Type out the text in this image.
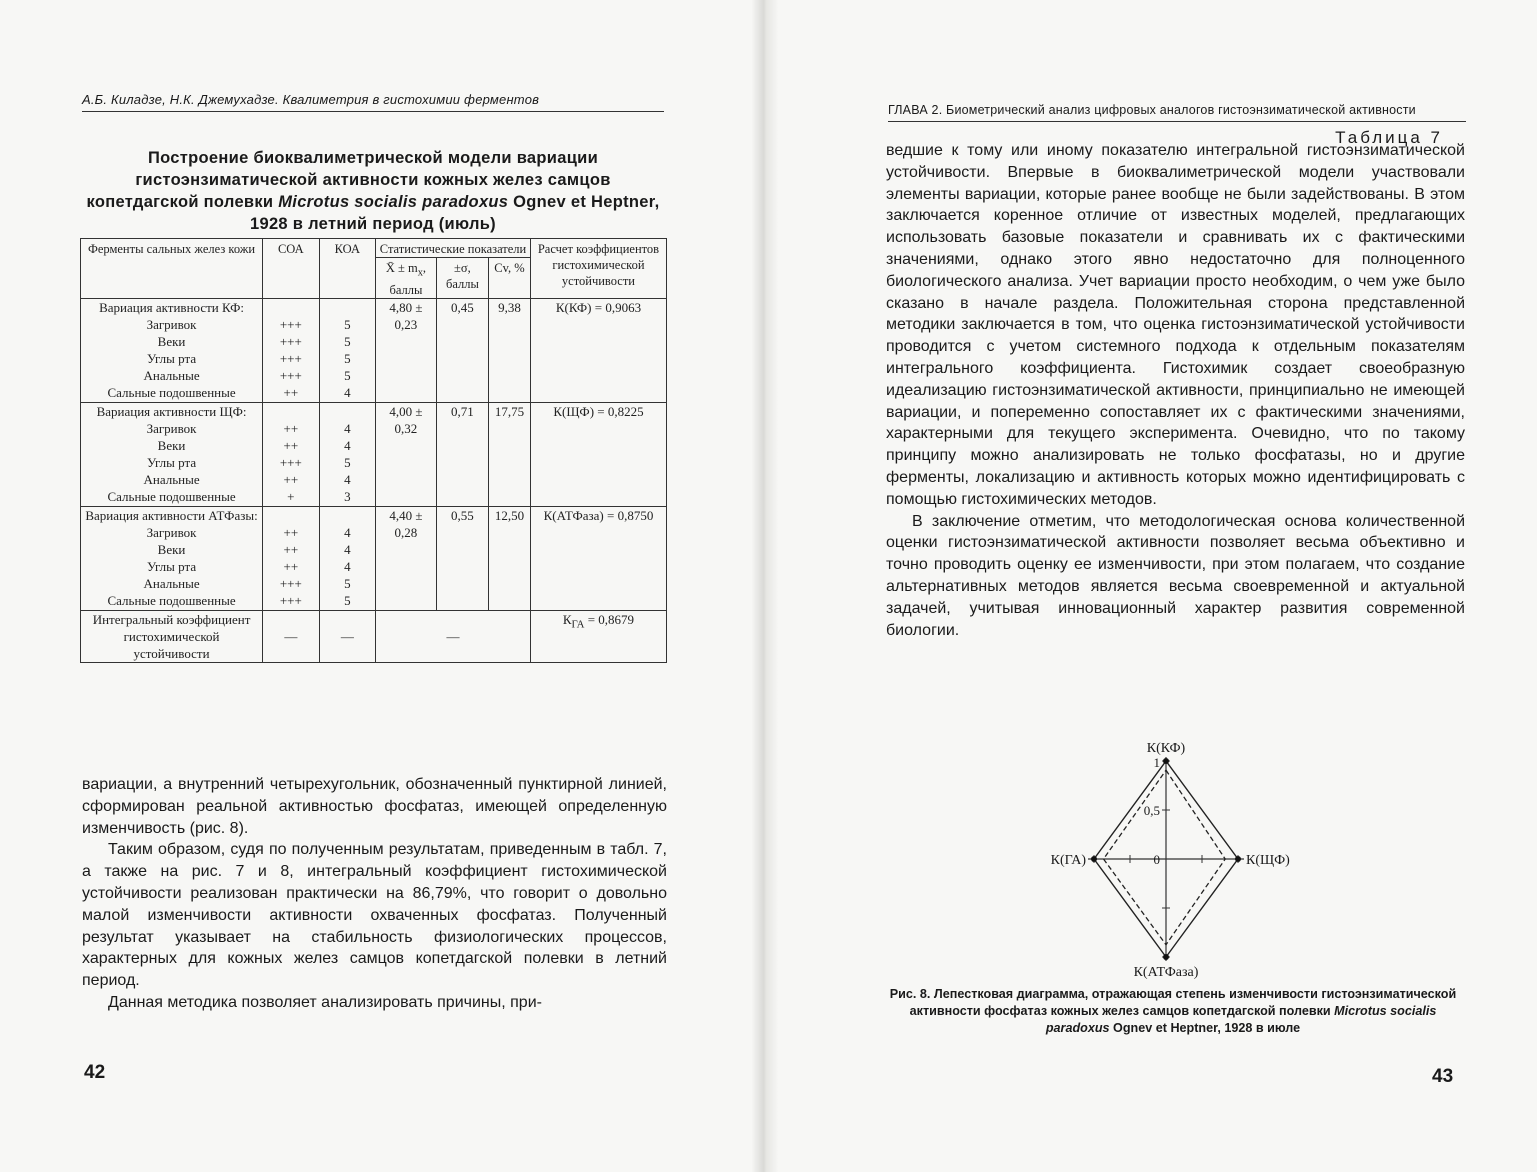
А.Б. Киладзе, Н.К. Джемухадзе. Квалиметрия в гистохимии ферментов
Таблица 7
Построение биоквалиметрической модели вариации гистоэнзиматической активности кожных желез самцов копетдагской полевки Microtus socialis paradoxus Ognev et Heptner, 1928 в летний период (июль)
Ферменты сальных желез кожи	СОА	КОА	Статистические показатели			Расчет коэффициентов гистохимической устойчивости
			X̄ ± $m_x$, баллы	±σ, баллы	Cv, %	
Вариация активности КФ:			4,80 ± 0,23	0,45	9,38	К(КФ) = 0,9063
Загривок	+++	5				
Веки	+++	5				
Углы рта	+++	5				
Анальные	+++	5				
Сальные подошвенные	++	4				
Вариация активности ЩФ:			4,00 ± 0,32	0,71	17,75	К(ЩФ) = 0,8225
Загривок	++	4				
Веки	++	4				
Углы рта	+++	5				
Анальные	++	4				
Сальные подошвенные	+	3				
Вариация активности АТФазы:			4,40 ± 0,28	0,55	12,50	К(АТФаза) = 0,8750
Загривок	++	4				
Веки	++	4				
Углы рта	++	4				
Анальные	+++	5				
Сальные подошвенные	+++	5				
Интегральный коэффициент гистохимической устойчивости	—	—	—			$К_{ГА} = 0,8679$

вариации, а внутренний четырехугольник, обозначенный пунктирной линией, сформирован реальной активностью фосфатаз, имеющей определенную изменчивость (рис. 8).

Таким образом, судя по полученным результатам, приведенным в табл. 7, а также на рис. 7 и 8, интегральный коэффициент гистохимической устойчивости реализован практически на 86,79%, что говорит о довольно малой изменчивости активности охваченных фосфатаз. Полученный результат указывает на стабильность физиологических процессов, характерных для кожных желез самцов копетдагской полевки в летний период.

Данная методика позволяет анализировать причины, при-

42
ГЛАВА 2. Биометрический анализ цифровых аналогов гистоэнзиматической активности

ведшие к тому или иному показателю интегральной гистоэнзиматической устойчивости. Впервые в биоквалиметрической модели участвовали элементы вариации, которые ранее вообще не были задействованы. В этом заключается коренное отличие от известных моделей, предлагающих использовать базовые показатели и сравнивать их с фактическими значениями, однако этого явно недостаточно для полноценного биологического анализа. Учет вариации просто необходим, о чем уже было сказано в начале раздела. Положительная сторона представленной методики заключается в том, что оценка гистоэнзиматической устойчивости проводится с учетом системного подхода к отдельным показателям интегрального коэффициента. Гистохимик создает своеобразную идеализацию гистоэнзиматической активности, принципиально не имеющей вариации, и попеременно сопоставляет их с фактическими значениями, характерными для текущего эксперимента. Очевидно, что по такому принципу можно анализировать не только фосфатазы, но и другие ферменты, локализацию и активность которых можно идентифицировать с помощью гистохимических методов.

В заключение отметим, что методологическая основа количественной оценки гистоэнзиматической активности позволяет весьма объективно и точно проводить оценку ее изменчивости, при этом полагаем, что создание альтернативных методов является весьма своевременной и актуальной задачей, учитывая инновационный характер развития современной биологии.

К(КФ)
К(АТФаза)
К(ГА)	К(ЩФ)
1
0,5
0
Рис. 8. Лепестковая диаграмма, отражающая степень изменчивости гистоэнзиматической активности фосфатаз кожных желез самцов копетдагской полевки Microtus socialis paradoxus Ognev et Heptner, 1928 в июле
43
